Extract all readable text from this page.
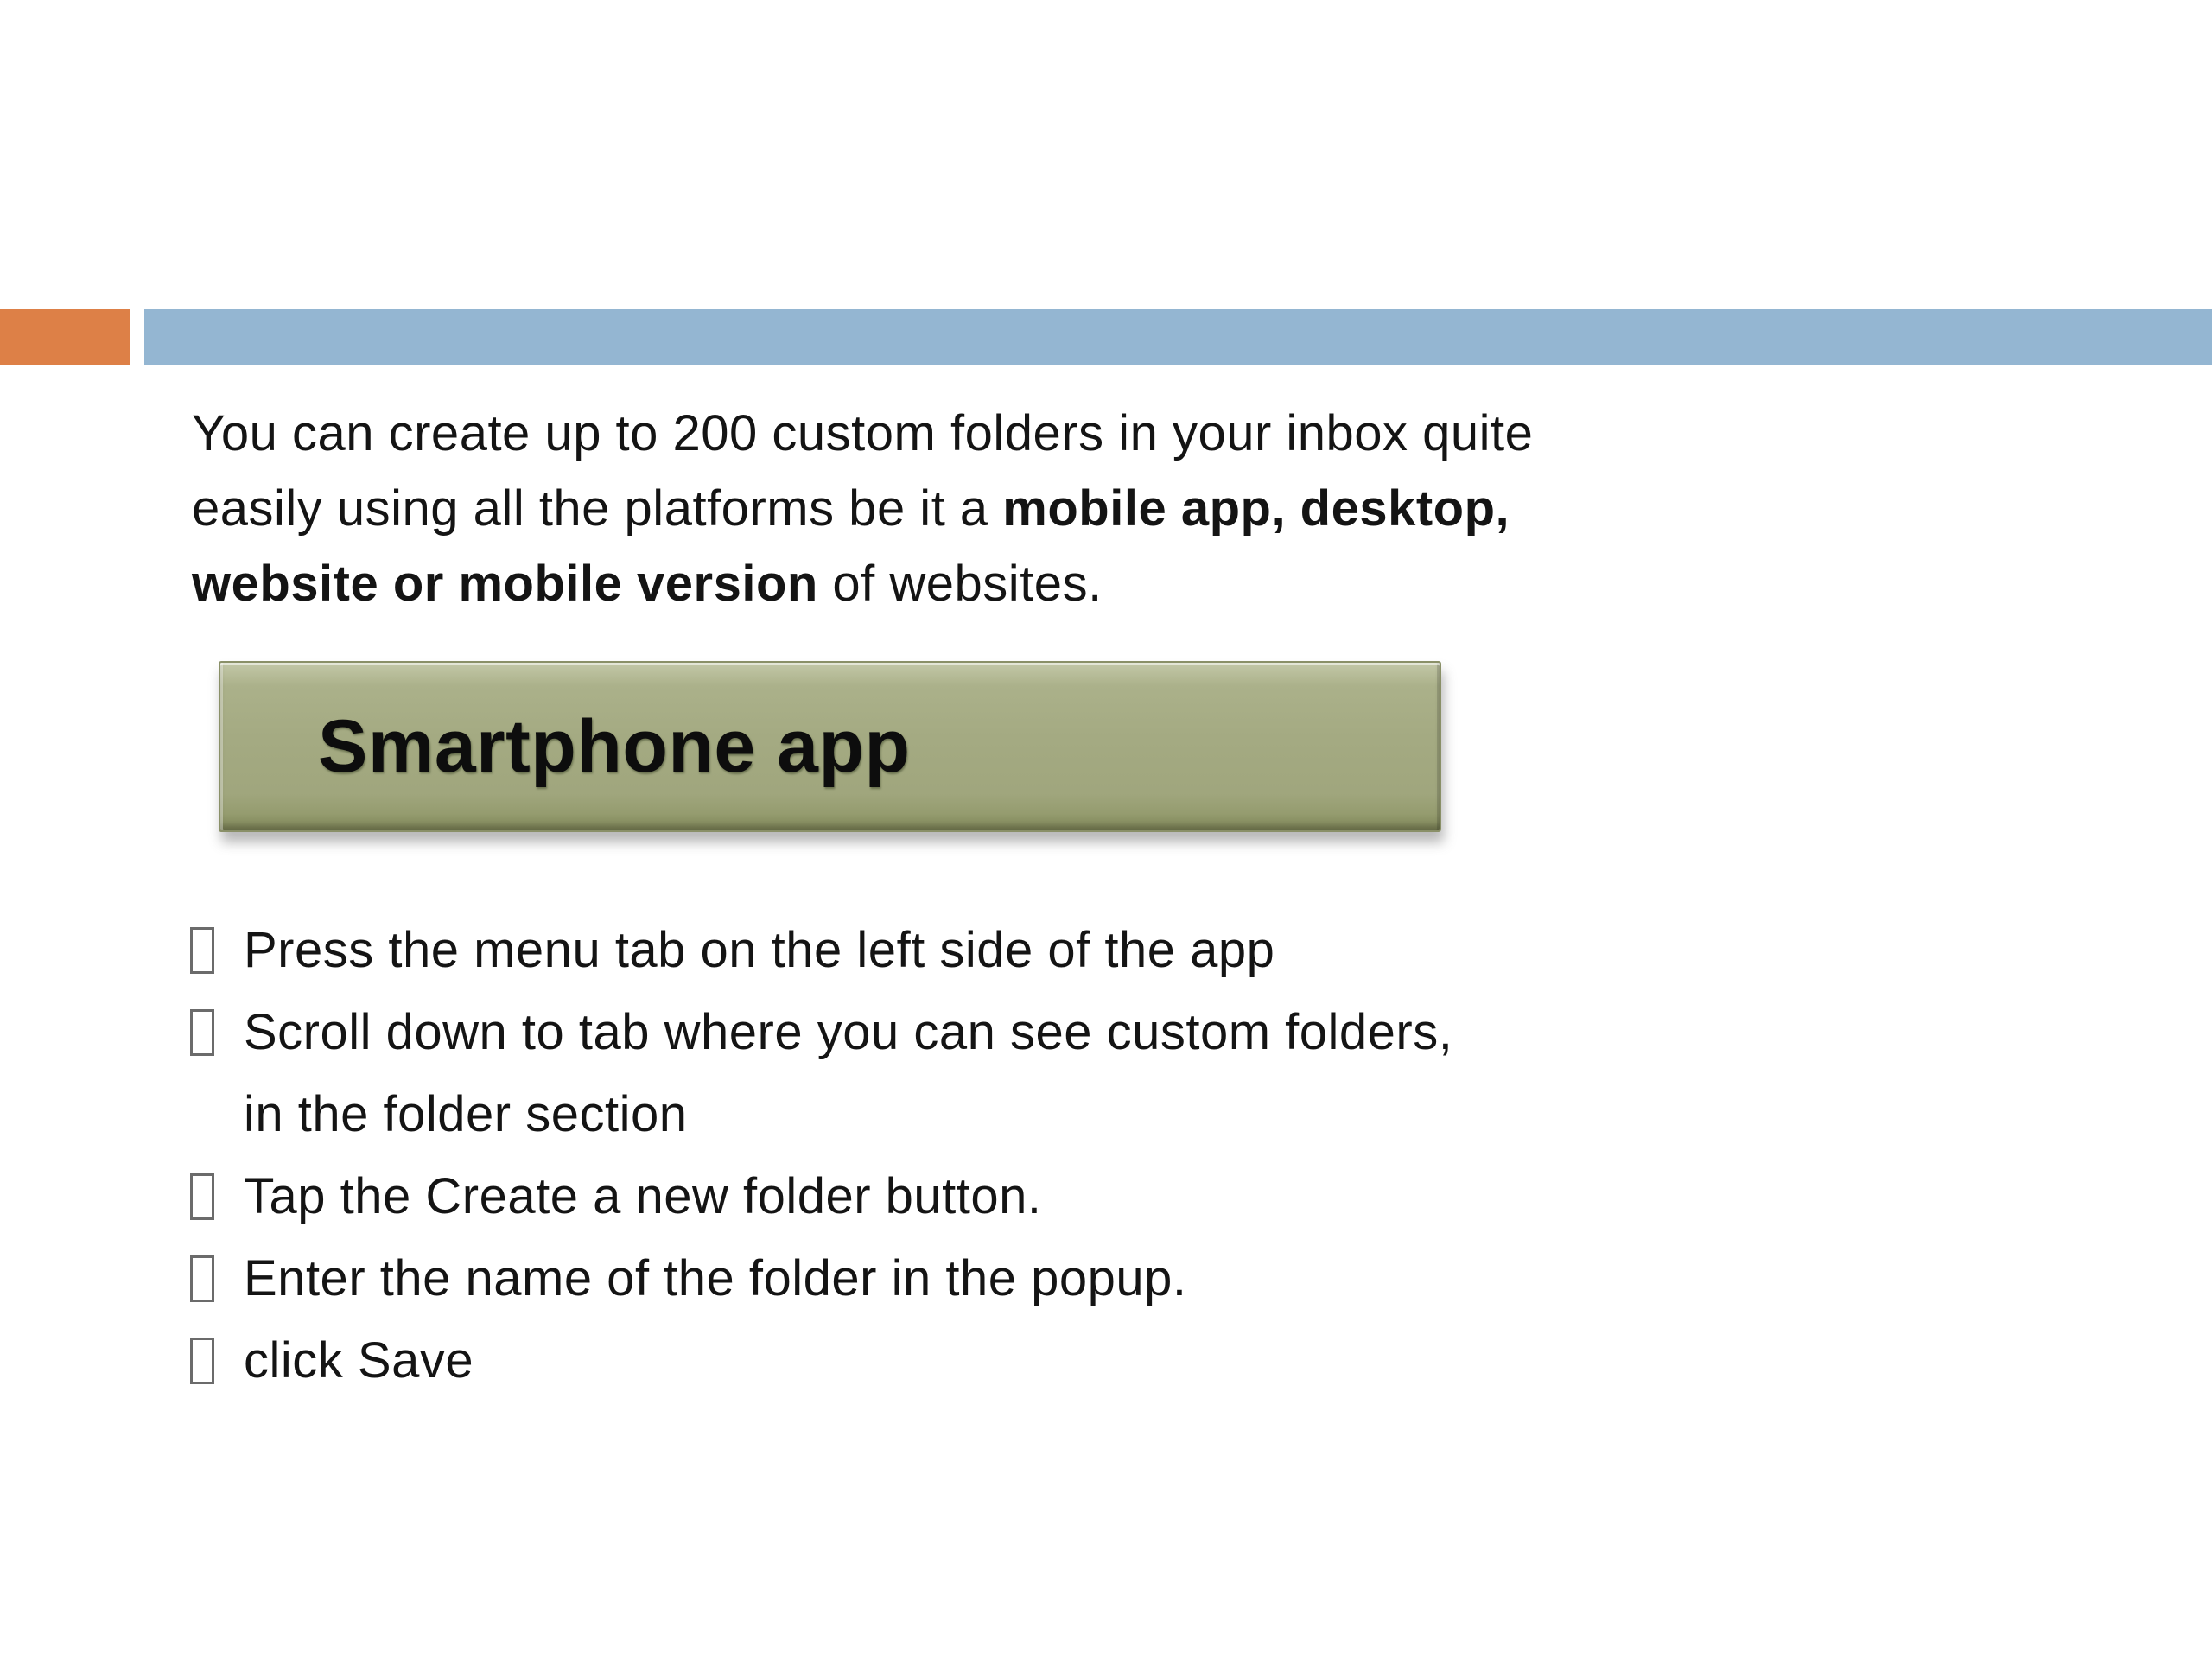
You can create up to 200 custom folders in your inbox quite
easily using all the platforms be it a mobile app, desktop,
website or mobile version of websites.
Smartphone app
Press the menu tab on the left side of the app
Scroll down to tab where you can see custom folders,
in the folder section
Tap the Create a new folder button.
Enter the name of the folder in the popup.
click Save
